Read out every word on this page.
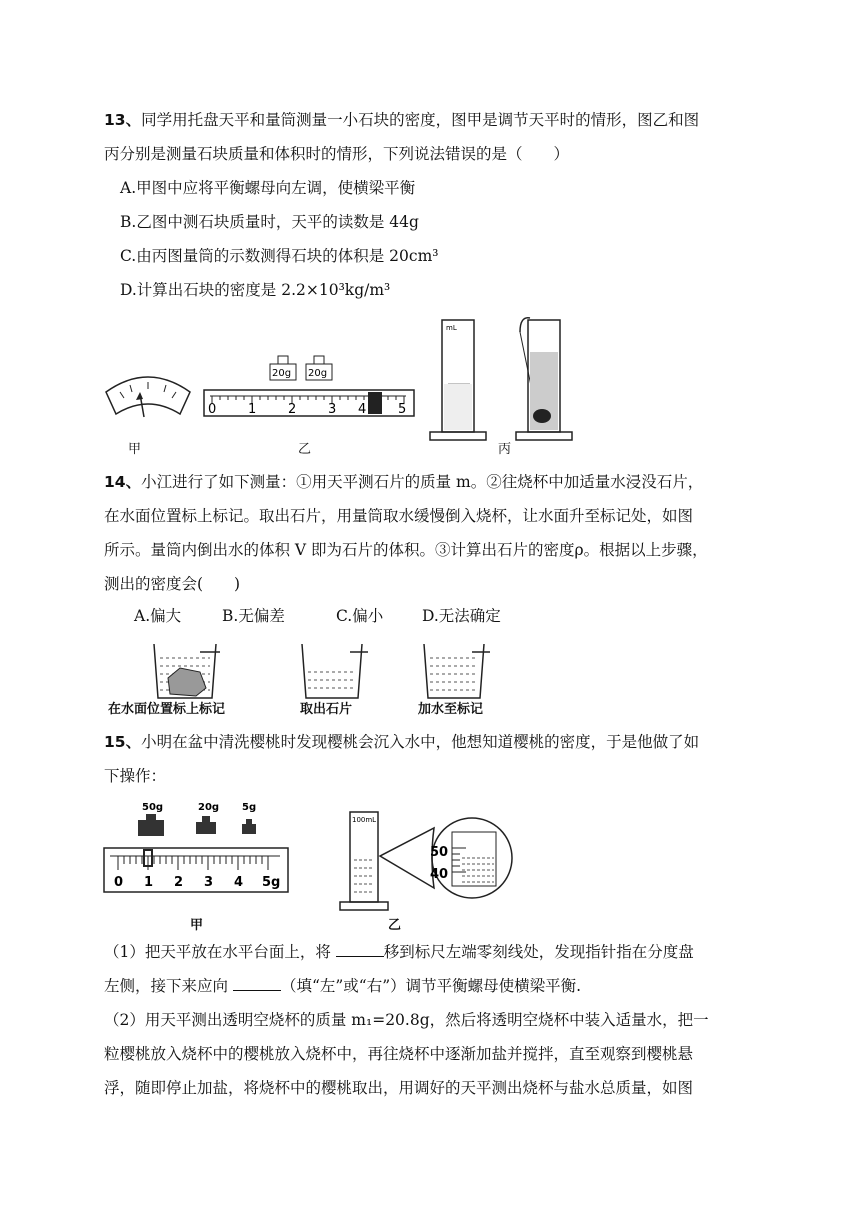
13、同学用托盘天平和量筒测量一小石块的密度，图甲是调节天平时的情形，图乙和图
丙分别是测量石块质量和体积时的情形，下列说法错误的是（　　）
A.甲图中应将平衡螺母向左调，使横梁平衡
B.乙图中测石块质量时，天平的读数是 44g
C.由丙图量筒的示数测得石块的体积是 20cm³
D.计算出石块的密度是 2.2×10³kg/m³
0 1 2 3 4 5
20g 20g
mL
甲	乙	丙
14、小江进行了如下测量：①用天平测石片的质量 m。②往烧杯中加适量水浸没石片，
在水面位置标上标记。取出石片，用量筒取水缓慢倒入烧杯，让水面升至标记处，如图
所示。量筒内倒出水的体积 V 即为石片的体积。③计算出石片的密度ρ。根据以上步骤，
测出的密度会(　　)
A.偏大	B.无偏差	C.偏小	D.无法确定
在水面位置标上标记	取出石片	加水至标记
15、小明在盆中清洗樱桃时发现樱桃会沉入水中，他想知道樱桃的密度，于是他做了如
下操作：
50g	20g 5g
0 1 2 3 4 5g
100mL
50
40
甲	乙
（1）把天平放在水平台面上，将	移到标尺左端零刻线处，发现指针指在分度盘
左侧，接下来应向	（填“左”或“右”）调节平衡螺母使横梁平衡.
（2）用天平测出透明空烧杯的质量 m₁=20.8g，然后将透明空烧杯中装入适量水，把一
粒樱桃放入烧杯中的樱桃放入烧杯中，再往烧杯中逐渐加盐并搅拌，直至观察到樱桃悬
浮，随即停止加盐，将烧杯中的樱桃取出，用调好的天平测出烧杯与盐水总质量，如图
